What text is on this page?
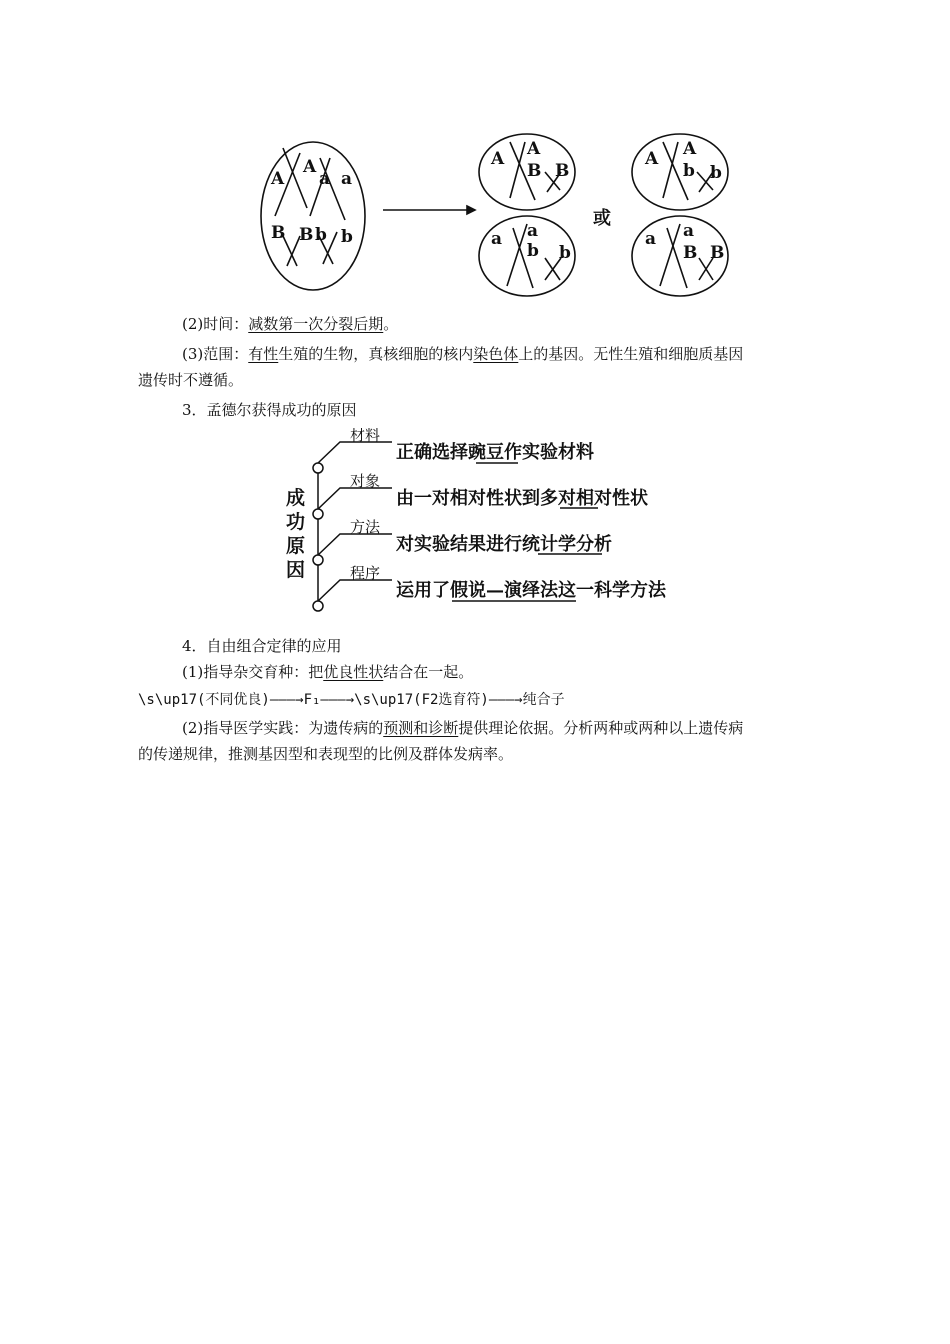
A
A
a a
B B b b
A A
B B
a a
b b
或
A A
b b
a a
B B
(2)时间：减数第一次分裂后期。
(3)范围：有性生殖的生物，真核细胞的核内染色体上的基因。无性生殖和细胞质基因
遗传时不遵循。
3．孟德尔获得成功的原因
成
功
原
因
材料
对象
方法
程序
正确选择豌豆作实验材料
由一对相对性状到多对相对性状
对实验结果进行统计学分析
运用了假说—演绎法这一科学方法
4．自由组合定律的应用
(1)指导杂交育种：把优良性状结合在一起。
\s\up17(不同优良)———→F₁———→\s\up17(F2选育符)———→纯合子
(2)指导医学实践：为遗传病的预测和诊断提供理论依据。分析两种或两种以上遗传病
的传递规律，推测基因型和表现型的比例及群体发病率。
